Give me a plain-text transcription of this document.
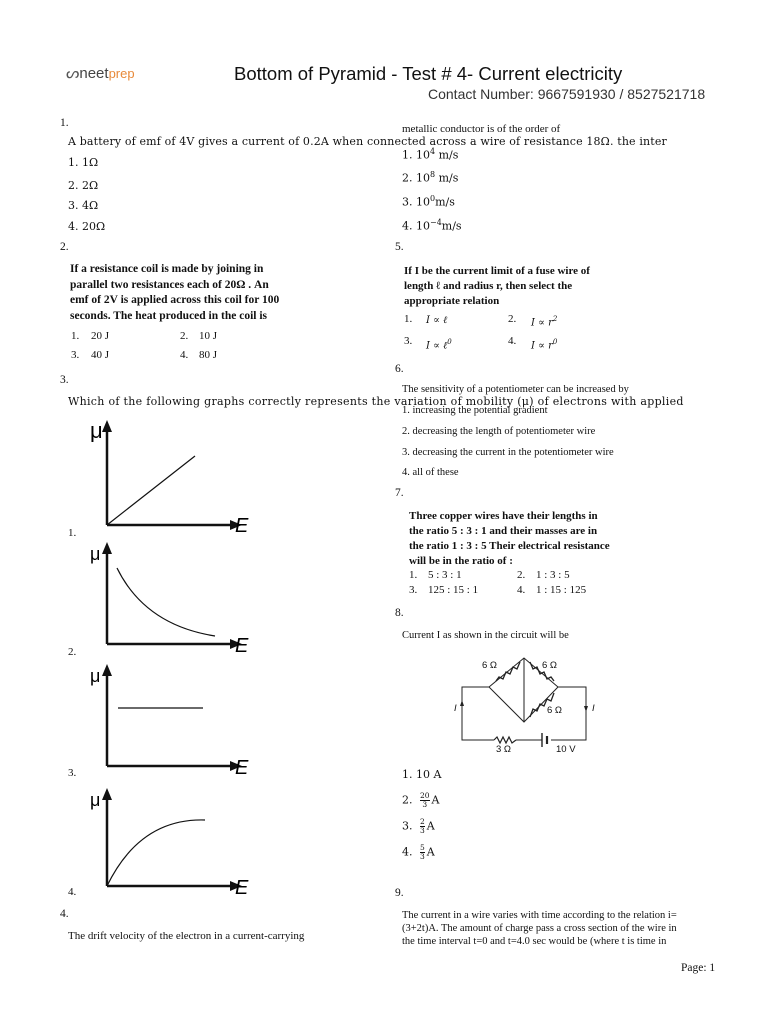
ᔕneetprep	Bottom of Pyramid - Test # 4- Current electricity
Contact Number: 9667591930 / 8527521718
1.
A battery of emf of 4V gives a current of 0.2A when connected across a wire of resistance 18Ω. the inter
1. 1Ω
2. 2Ω
3. 4Ω
4. 20Ω
2.
If a resistance coil is made by joining in
parallel two resistances each of 20Ω . An
emf of 2V is applied across this coil for 100
seconds. The heat produced in the coil is
1. 20 J	2. 10 J
3. 40 J	4. 80 J
3.
Which of the following graphs correctly represents the variation of mobility (μ) of electrons with applied
μ
E
1.
μ
E
2.
μ
E
3.
μ
E
4.
4.
The drift velocity of the electron in a current-carrying
metallic conductor is of the order of
1. $10^4$ m/s
2. $10^8$ m/s
3. $10^0m/s$
4. $10^{-4}m/s$
5.
If I be the current limit of a fuse wire of
length ℓ and radius r, then select the
appropriate relation
1. I ∝ ℓ	2. $I \propto r^2$
3. I ∝ ℓ$^0$	4. $I \propto r^0$
6.
The sensitivity of a potentiometer can be increased by
1. increasing the potential gradient
2. decreasing the length of potentiometer wire
3. decreasing the current in the potentiometer wire
4. all of these
7.
Three copper wires have their lengths in
the ratio 5 : 3 : 1 and their masses are in
the ratio 1 : 3 : 5 Their electrical resistance
will be in the ratio of :
1. 5 : 3 : 1	2. 1 : 3 : 5
3. 125 : 15 : 1	4. 1 : 15 : 125
8.
Current I as shown in the circuit will be
6 Ω	6 Ω
6 Ω
3 Ω	10 V
I	I
1. 10 A
2. $\frac{20}{3}$ A
3. $\frac{2}{3}$ A
4. $\frac{5}{3}$ A
9.
The current in a wire varies with time according to the relation i=
(3+2t)A. The amount of charge pass a cross section of the wire in
the time interval t=0 and t=4.0 sec would be (where t is time in
Page: 1
